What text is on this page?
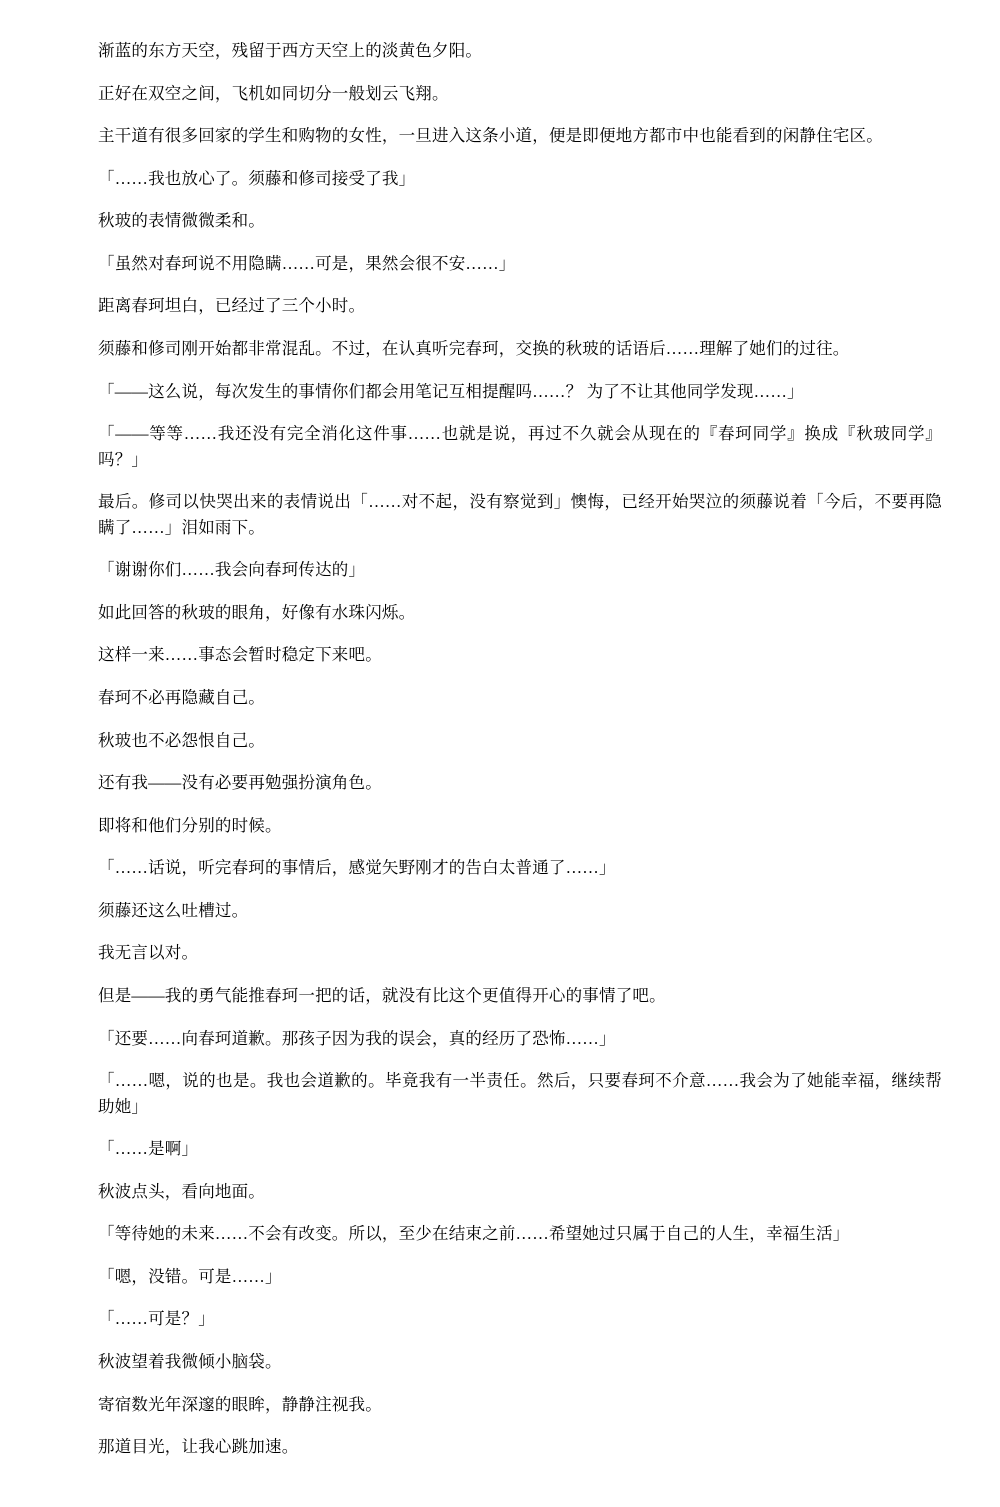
渐蓝的东方天空，残留于西方天空上的淡黄色夕阳。

正好在双空之间，飞机如同切分一般划云飞翔。

主干道有很多回家的学生和购物的女性，一旦进入这条小道，便是即便地方都市中也能看到的闲静住宅区。

「……我也放心了。须藤和修司接受了我」

秋玻的表情微微柔和。

「虽然对春珂说不用隐瞒……可是，果然会很不安……」

距离春珂坦白，已经过了三个小时。

须藤和修司刚开始都非常混乱。不过，在认真听完春珂，交换的秋玻的话语后……理解了她们的过往。

「——这么说，每次发生的事情你们都会用笔记互相提醒吗……？ 为了不让其他同学发现……」

「——等等……我还没有完全消化这件事……也就是说，再过不久就会从现在的『春珂同学』换成『秋玻同学』吗？」

最后。修司以快哭出来的表情说出「……对不起，没有察觉到」懊悔，已经开始哭泣的须藤说着「今后，不要再隐瞒了……」泪如雨下。

「谢谢你们……我会向春珂传达的」

如此回答的秋玻的眼角，好像有水珠闪烁。

这样一来……事态会暂时稳定下来吧。

春珂不必再隐藏自己。

秋玻也不必怨恨自己。

还有我——没有必要再勉强扮演角色。

即将和他们分别的时候。

「……话说，听完春珂的事情后，感觉矢野刚才的告白太普通了……」

须藤还这么吐槽过。

我无言以对。

但是——我的勇气能推春珂一把的话，就没有比这个更值得开心的事情了吧。

「还要……向春珂道歉。那孩子因为我的误会，真的经历了恐怖……」

「……嗯，说的也是。我也会道歉的。毕竟我有一半责任。然后，只要春珂不介意……我会为了她能幸福，继续帮助她」

「……是啊」

秋波点头，看向地面。

「等待她的未来……不会有改变。所以，至少在结束之前……希望她过只属于自己的人生，幸福生活」

「嗯，没错。可是……」

「……可是？」

秋波望着我微倾小脑袋。

寄宿数光年深邃的眼眸，静静注视我。

那道目光，让我心跳加速。
